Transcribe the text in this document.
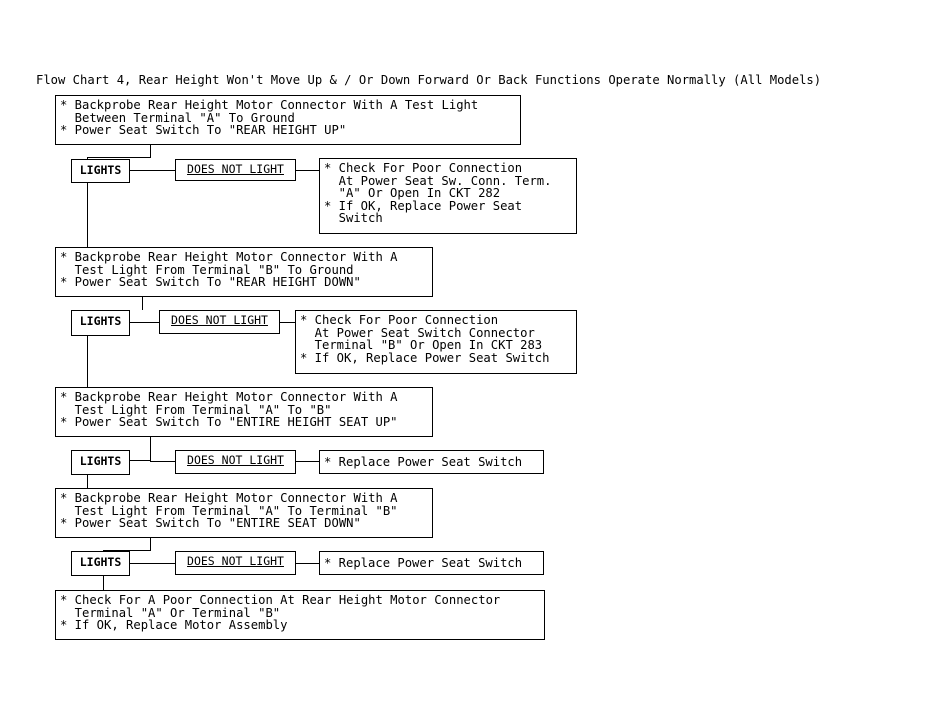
Flow Chart 4, Rear Height Won't Move Up & / Or Down Forward Or Back Functions Operate Normally (All Models)
* Backprobe Rear Height Motor Connector With A Test Light
Between Terminal "A" To Ground
* Power Seat Switch To "REAR HEIGHT UP"
LIGHTS	DOES NOT LIGHT	* Check For Poor Connection
At Power Seat Sw. Conn. Term.
"A" Or Open In CKT 282
* If OK, Replace Power Seat
Switch
* Backprobe Rear Height Motor Connector With A
Test Light From Terminal "B" To Ground
* Power Seat Switch To "REAR HEIGHT DOWN"
LIGHTS	DOES NOT LIGHT	* Check For Poor Connection
At Power Seat Switch Connector
Terminal "B" Or Open In CKT 283
* If OK, Replace Power Seat Switch
* Backprobe Rear Height Motor Connector With A
Test Light From Terminal "A" To "B"
* Power Seat Switch To "ENTIRE HEIGHT SEAT UP"
LIGHTS	DOES NOT LIGHT	* Replace Power Seat Switch
* Backprobe Rear Height Motor Connector With A
Test Light From Terminal "A" To Terminal "B"
* Power Seat Switch To "ENTIRE SEAT DOWN"
LIGHTS	DOES NOT LIGHT	* Replace Power Seat Switch
* Check For A Poor Connection At Rear Height Motor Connector
Terminal "A" Or Terminal "B"
* If OK, Replace Motor Assembly
